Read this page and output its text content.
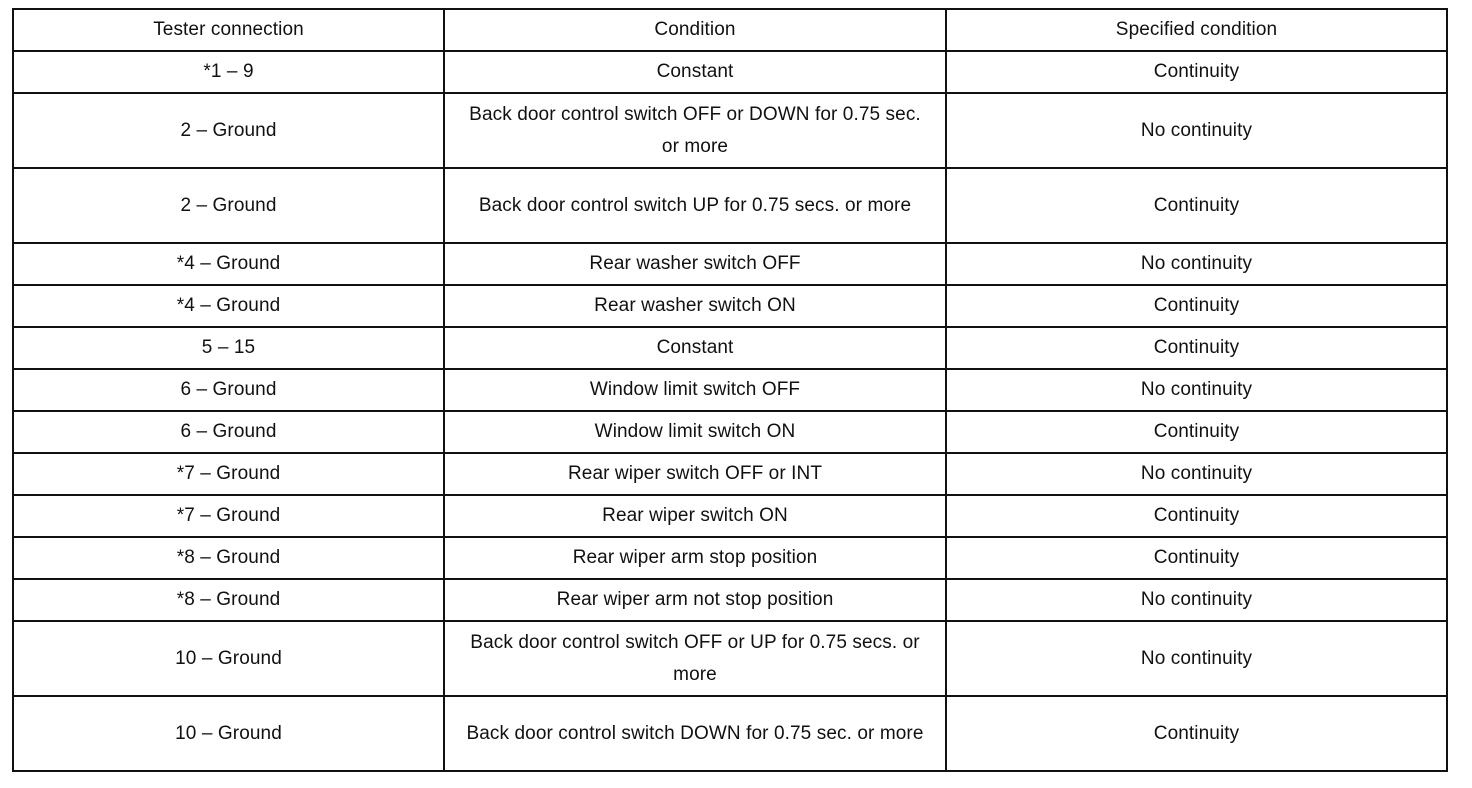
Tester connection	Condition	Specified condition
*1 – 9	Constant	Continuity
2 – Ground	Back door control switch OFF or DOWN for 0.75 sec. or more	No continuity
2 – Ground	Back door control switch UP for 0.75 secs. or more	Continuity
*4 – Ground	Rear washer switch OFF	No continuity
*4 – Ground	Rear washer switch ON	Continuity
5 – 15	Constant	Continuity
6 – Ground	Window limit switch OFF	No continuity
6 – Ground	Window limit switch ON	Continuity
*7 – Ground	Rear wiper switch OFF or INT	No continuity
*7 – Ground	Rear wiper switch ON	Continuity
*8 – Ground	Rear wiper arm stop position	Continuity
*8 – Ground	Rear wiper arm not stop position	No continuity
10 – Ground	Back door control switch OFF or UP for 0.75 secs. or more	No continuity
10 – Ground	Back door control switch DOWN for 0.75 sec. or more	Continuity
